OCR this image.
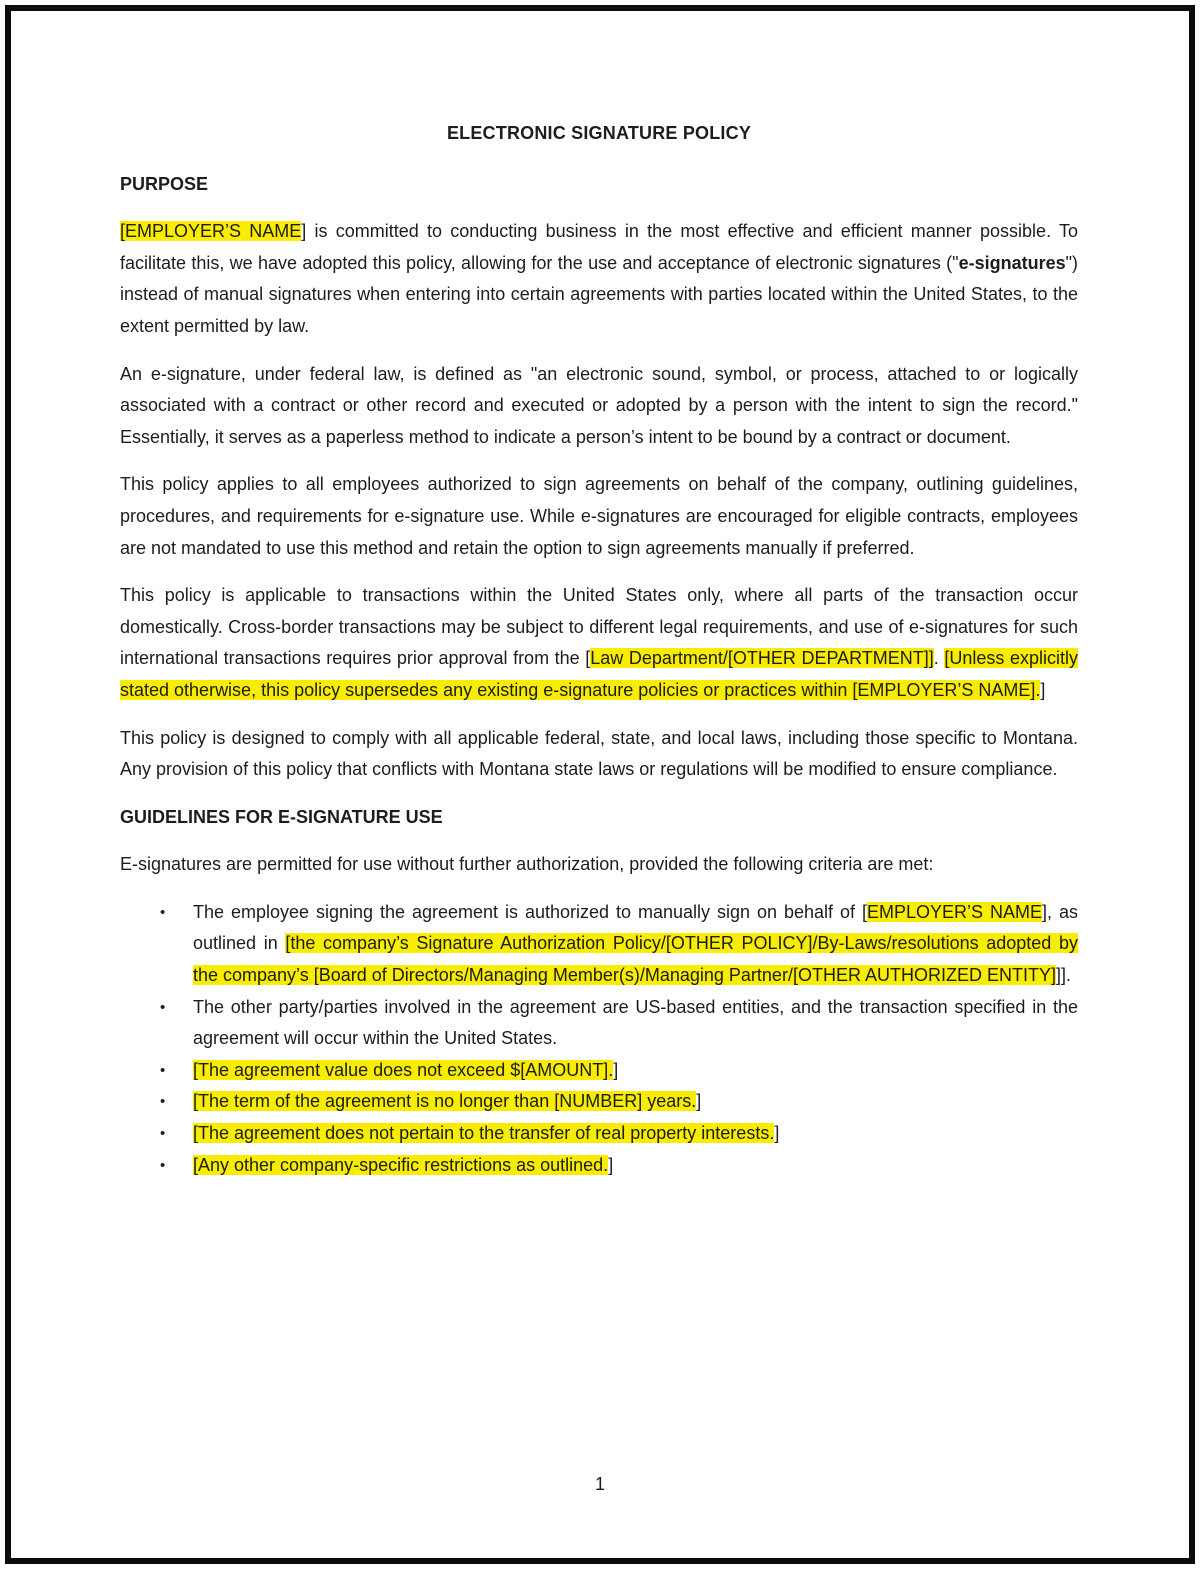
ELECTRONIC SIGNATURE POLICY

PURPOSE

[EMPLOYER’S NAME] is committed to conducting business in the most effective and efficient manner possible. To facilitate this, we have adopted this policy, allowing for the use and acceptance of electronic signatures ("e-signatures") instead of manual signatures when entering into certain agreements with parties located within the United States, to the extent permitted by law.

An e-signature, under federal law, is defined as "an electronic sound, symbol, or process, attached to or logically associated with a contract or other record and executed or adopted by a person with the intent to sign the record." Essentially, it serves as a paperless method to indicate a person’s intent to be bound by a contract or document.

This policy applies to all employees authorized to sign agreements on behalf of the company, outlining guidelines, procedures, and requirements for e-signature use. While e-signatures are encouraged for eligible contracts, employees are not mandated to use this method and retain the option to sign agreements manually if preferred.

This policy is applicable to transactions within the United States only, where all parts of the transaction occur domestically. Cross-border transactions may be subject to different legal requirements, and use of e-signatures for such international transactions requires prior approval from the [Law Department/[OTHER DEPARTMENT]]. [Unless explicitly stated otherwise, this policy supersedes any existing e-signature policies or practices within [EMPLOYER’S NAME].]

This policy is designed to comply with all applicable federal, state, and local laws, including those specific to Montana. Any provision of this policy that conflicts with Montana state laws or regulations will be modified to ensure compliance.

GUIDELINES FOR E-SIGNATURE USE

E-signatures are permitted for use without further authorization, provided the following criteria are met:

•	The employee signing the agreement is authorized to manually sign on behalf of [EMPLOYER’S NAME], as outlined in [the company’s Signature Authorization Policy/[OTHER POLICY]/By-Laws/resolutions adopted by the company’s [Board of Directors/Managing Member(s)/Managing Partner/[OTHER AUTHORIZED ENTITY]]].
•	The other party/parties involved in the agreement are US-based entities, and the transaction specified in the agreement will occur within the United States.
•	[The agreement value does not exceed $[AMOUNT].]
•	[The term of the agreement is no longer than [NUMBER] years.]
•	[The agreement does not pertain to the transfer of real property interests.]
•	[Any other company-specific restrictions as outlined.]
1
